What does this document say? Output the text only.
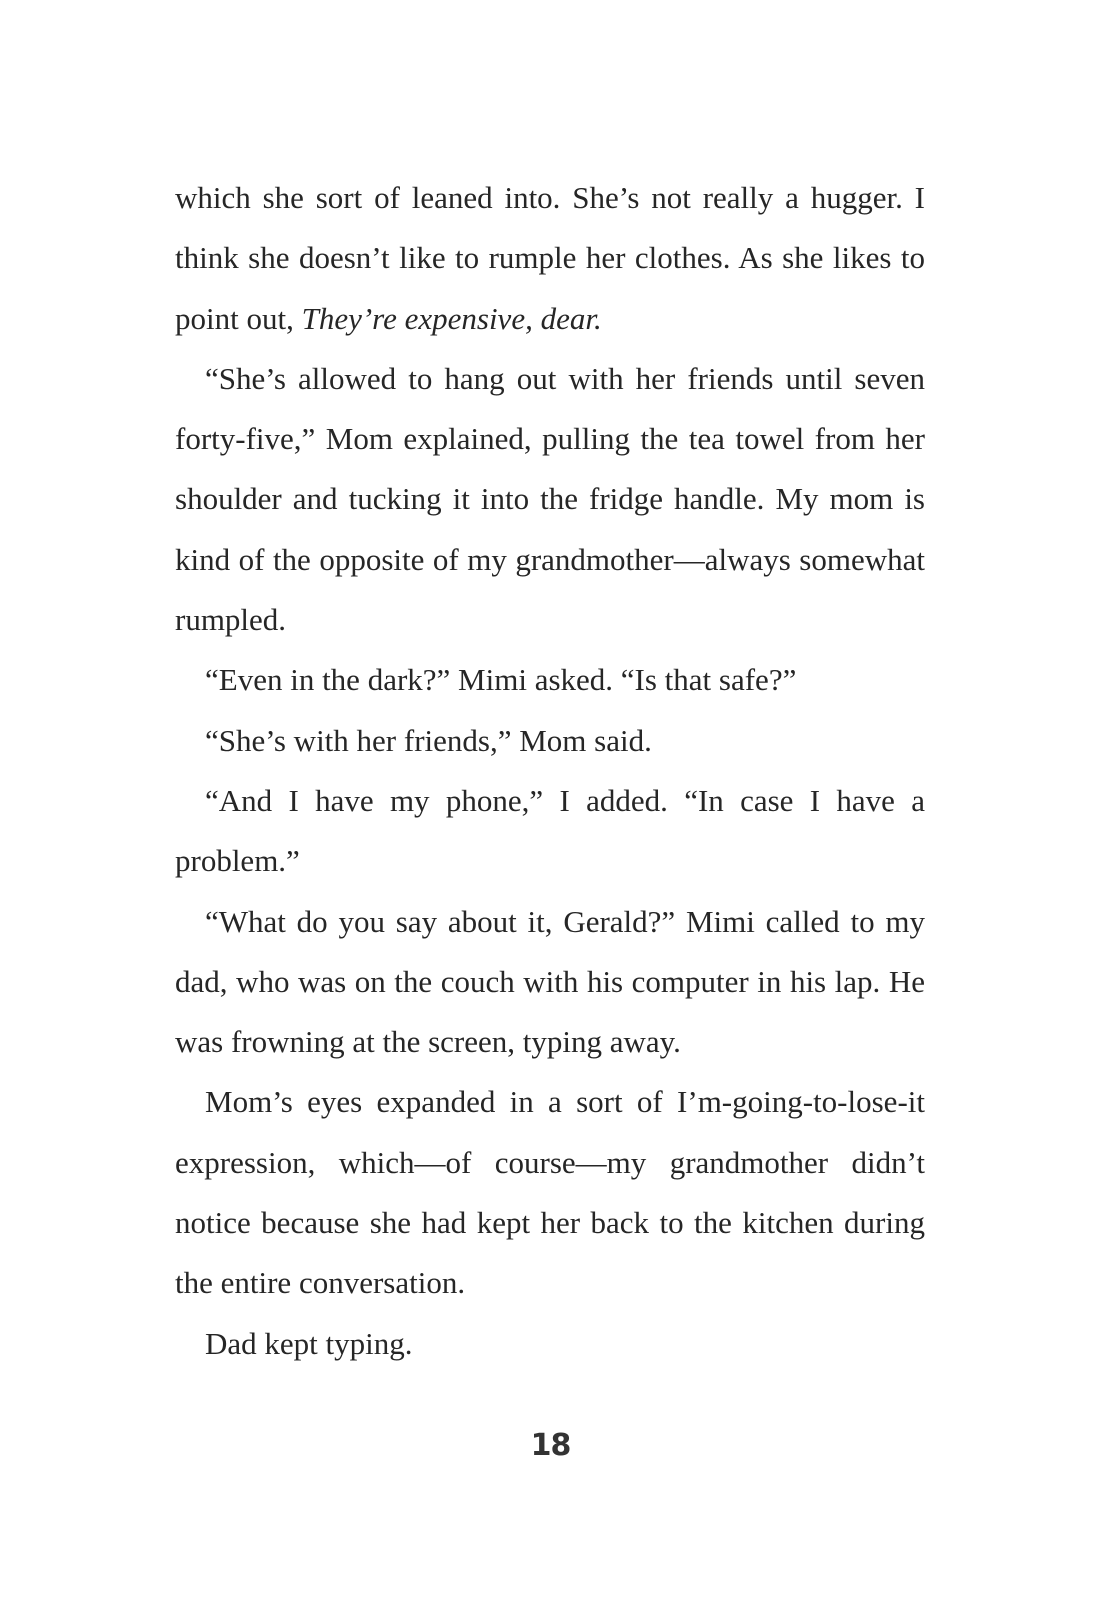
which she sort of leaned into. She’s not really a hugger. I think she doesn’t like to rumple her clothes. As she likes to point out, They’re expensive, dear.

“She’s allowed to hang out with her friends until seven forty-five,” Mom explained, pulling the tea towel from her shoulder and tucking it into the fridge handle. My mom is kind of the opposite of my grandmother—always somewhat rumpled.

“Even in the dark?” Mimi asked. “Is that safe?”

“She’s with her friends,” Mom said.

“And I have my phone,” I added. “In case I have a problem.”

“What do you say about it, Gerald?” Mimi called to my dad, who was on the couch with his computer in his lap. He was frowning at the screen, typing away.

Mom’s eyes expanded in a sort of I’m-going-to-lose-it expression, which—of course—my grandmother didn’t notice because she had kept her back to the kitchen during the entire conversation.

Dad kept typing.

18
